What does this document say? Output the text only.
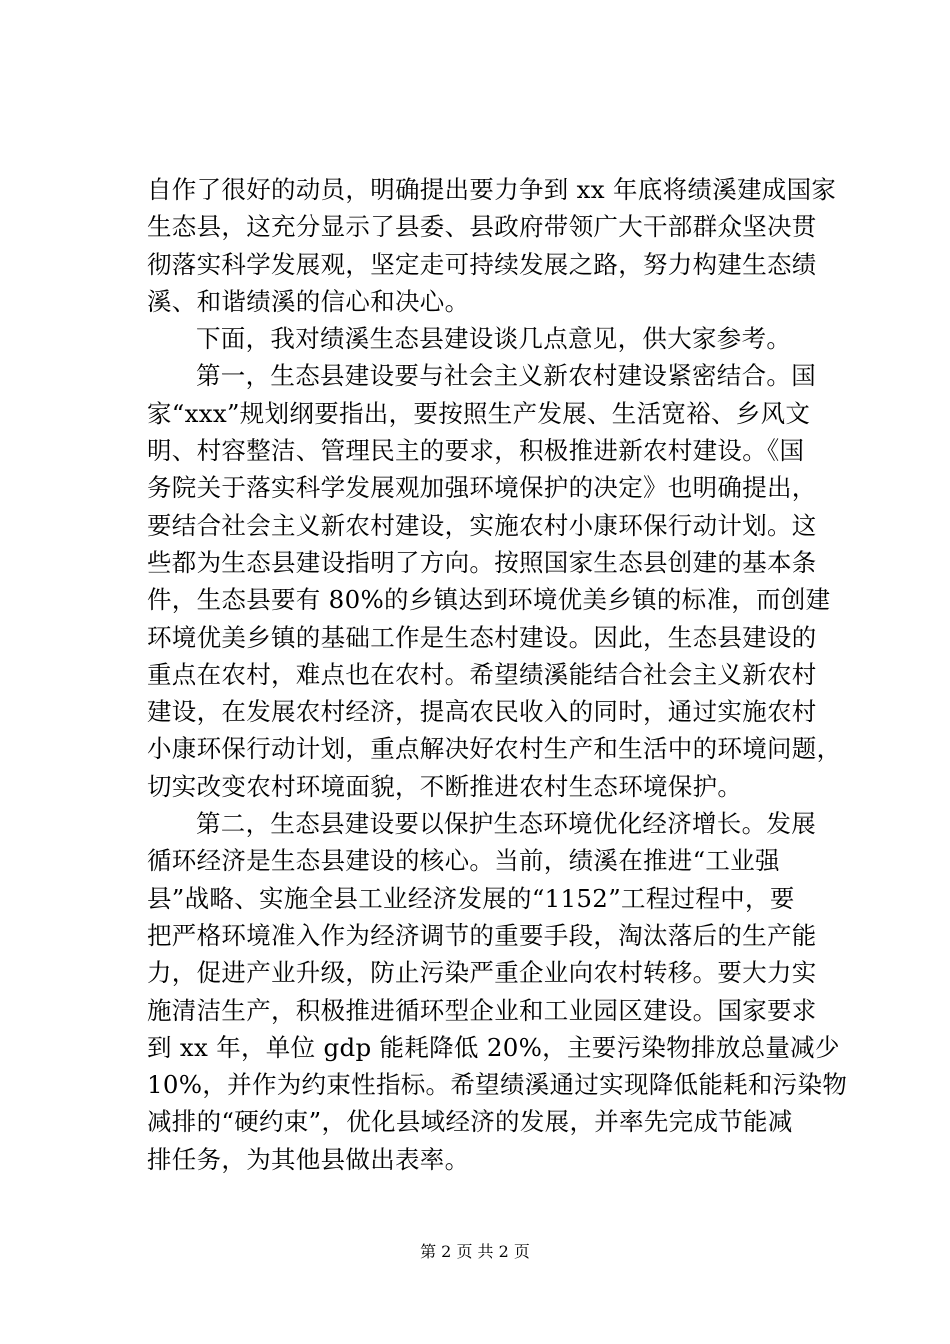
自作了很好的动员，明确提出要力争到 xx 年底将绩溪建成国家
生态县，这充分显示了县委、县政府带领广大干部群众坚决贯
彻落实科学发展观，坚定走可持续发展之路，努力构建生态绩
溪、和谐绩溪的信心和决心。
下面，我对绩溪生态县建设谈几点意见，供大家参考。
第一，生态县建设要与社会主义新农村建设紧密结合。国
家“xxx”规划纲要指出，要按照生产发展、生活宽裕、乡风文
明、村容整洁、管理民主的要求，积极推进新农村建设。《国
务院关于落实科学发展观加强环境保护的决定》也明确提出，
要结合社会主义新农村建设，实施农村小康环保行动计划。这
些都为生态县建设指明了方向。按照国家生态县创建的基本条
件，生态县要有 80%的乡镇达到环境优美乡镇的标准，而创建
环境优美乡镇的基础工作是生态村建设。因此，生态县建设的
重点在农村，难点也在农村。希望绩溪能结合社会主义新农村
建设，在发展农村经济，提高农民收入的同时，通过实施农村
小康环保行动计划，重点解决好农村生产和生活中的环境问题，
切实改变农村环境面貌，不断推进农村生态环境保护。
第二，生态县建设要以保护生态环境优化经济增长。发展
循环经济是生态县建设的核心。当前，绩溪在推进“工业强
县”战略、实施全县工业经济发展的“1152”工程过程中，要
把严格环境准入作为经济调节的重要手段，淘汰落后的生产能
力，促进产业升级，防止污染严重企业向农村转移。要大力实
施清洁生产，积极推进循环型企业和工业园区建设。国家要求
到 xx 年，单位 gdp 能耗降低 20%，主要污染物排放总量减少
10%，并作为约束性指标。希望绩溪通过实现降低能耗和污染物
减排的“硬约束”，优化县域经济的发展，并率先完成节能减
排任务，为其他县做出表率。
第 2 页 共 2 页
